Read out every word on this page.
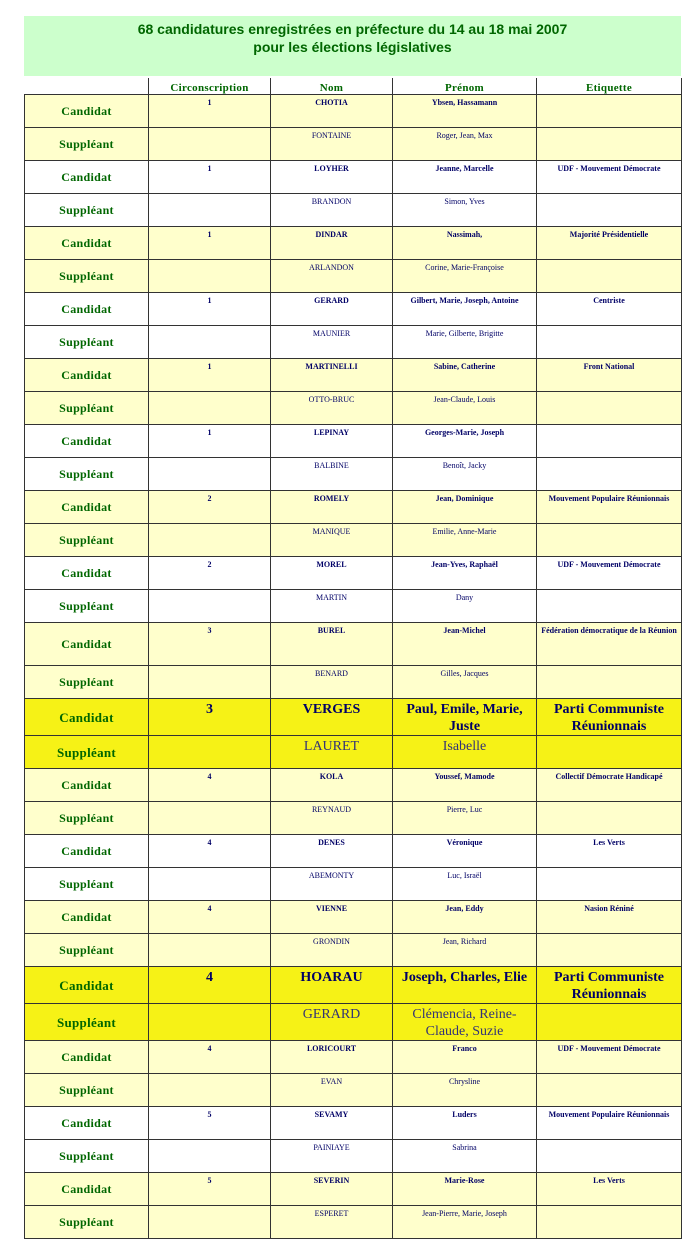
68 candidatures enregistrées en préfecture du 14 au 18 mai 2007
pour les élections législatives
	Circonscription	Nom	Prénom	Etiquette
Candidat	1	CHOTIA	Ybsen, Hassamann	
Suppléant		FONTAINE	Roger, Jean, Max	
Candidat	1	LOYHER	Jeanne, Marcelle	UDF - Mouvement Démocrate
Suppléant		BRANDON	Simon, Yves	
Candidat	1	DINDAR	Nassimah,	Majorité Présidentielle
Suppléant		ARLANDON	Corine, Marie-Françoise	
Candidat	1	GERARD	Gilbert, Marie, Joseph, Antoine	Centriste
Suppléant		MAUNIER	Marie, Gilberte, Brigitte	
Candidat	1	MARTINELLI	Sabine, Catherine	Front National
Suppléant		OTTO-BRUC	Jean-Claude, Louis	
Candidat	1	LEPINAY	Georges-Marie, Joseph	
Suppléant		BALBINE	Benoît, Jacky	
Candidat	2	ROMELY	Jean, Dominique	Mouvement Populaire Réunionnais
Suppléant		MANIQUE	Emilie, Anne-Marie	
Candidat	2	MOREL	Jean-Yves, Raphaël	UDF - Mouvement Démocrate
Suppléant		MARTIN	Dany	
Candidat	3	BUREL	Jean-Michel	Fédération démocratique de la Réunion
Suppléant		BENARD	Gilles, Jacques	
Candidat	3	VERGES	Paul, Emile, Marie, Juste	Parti Communiste Réunionnais
Suppléant		LAURET	Isabelle	
Candidat	4	KOLA	Youssef, Mamode	Collectif Démocrate Handicapé
Suppléant		REYNAUD	Pierre, Luc	
Candidat	4	DENES	Véronique	Les Verts
Suppléant		ABEMONTY	Luc, Israël	
Candidat	4	VIENNE	Jean, Eddy	Nasion Réniné
Suppléant		GRONDIN	Jean, Richard	
Candidat	4	HOARAU	Joseph, Charles, Elie	Parti Communiste Réunionnais
Suppléant		GERARD	Clémencia, Reine-Claude, Suzie	
Candidat	4	LORICOURT	Franco	UDF - Mouvement Démocrate
Suppléant		EVAN	Chrysline	
Candidat	5	SEVAMY	Luders	Mouvement Populaire Réunionnais
Suppléant		PAINIAYE	Sabrina	
Candidat	5	SEVERIN	Marie-Rose	Les Verts
Suppléant		ESPERET	Jean-Pierre, Marie, Joseph	
